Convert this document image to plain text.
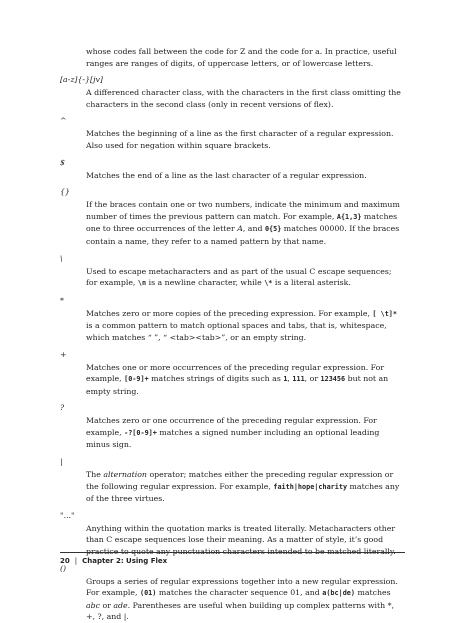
whose codes fall between the code for Z and the code for a. In practice, useful ranges are ranges of digits, of uppercase letters, or of lowercase letters.

[a-z]{-}[jv]

A differenced character class, with the characters in the first class omitting the characters in the second class (only in recent versions of flex).

^

Matches the beginning of a line as the first character of a regular expression. Also used for negation within square brackets.

$

Matches the end of a line as the last character of a regular expression.

{}

If the braces contain one or two numbers, indicate the minimum and maximum number of times the previous pattern can match. For example, A{1,3} matches one to three occurrences of the letter A, and 0{5} matches 00000. If the braces contain a name, they refer to a named pattern by that name.

\

Used to escape metacharacters and as part of the usual C escape sequences; for example, \n is a newline character, while \* is a literal asterisk.

*

Matches zero or more copies of the preceding expression. For example, [ \t]* is a common pattern to match optional spaces and tabs, that is, whitespace, which matches “ ”, “ <tab><tab>”, or an empty string.

+

Matches one or more occurrences of the preceding regular expression. For example, [0-9]+ matches strings of digits such as 1, 111, or 123456 but not an empty string.

?

Matches zero or one occurrence of the preceding regular expression. For example, -?[0-9]+ matches a signed number including an optional leading minus sign.

|

The alternation operator; matches either the preceding regular expression or the following regular expression. For example, faith|hope|charity matches any of the three virtues.

"..."

Anything within the quotation marks is treated literally. Metacharacters other than C escape sequences lose their meaning. As a matter of style, it’s good practice to quote any punctuation characters intended to be matched literally.

()

Groups a series of regular expressions together into a new regular expression. For example, (01) matches the character sequence 01, and a(bc|de) matches abc or ade. Parentheses are useful when building up complex patterns with *, +, ?, and |.

20 | Chapter 2: Using Flex
